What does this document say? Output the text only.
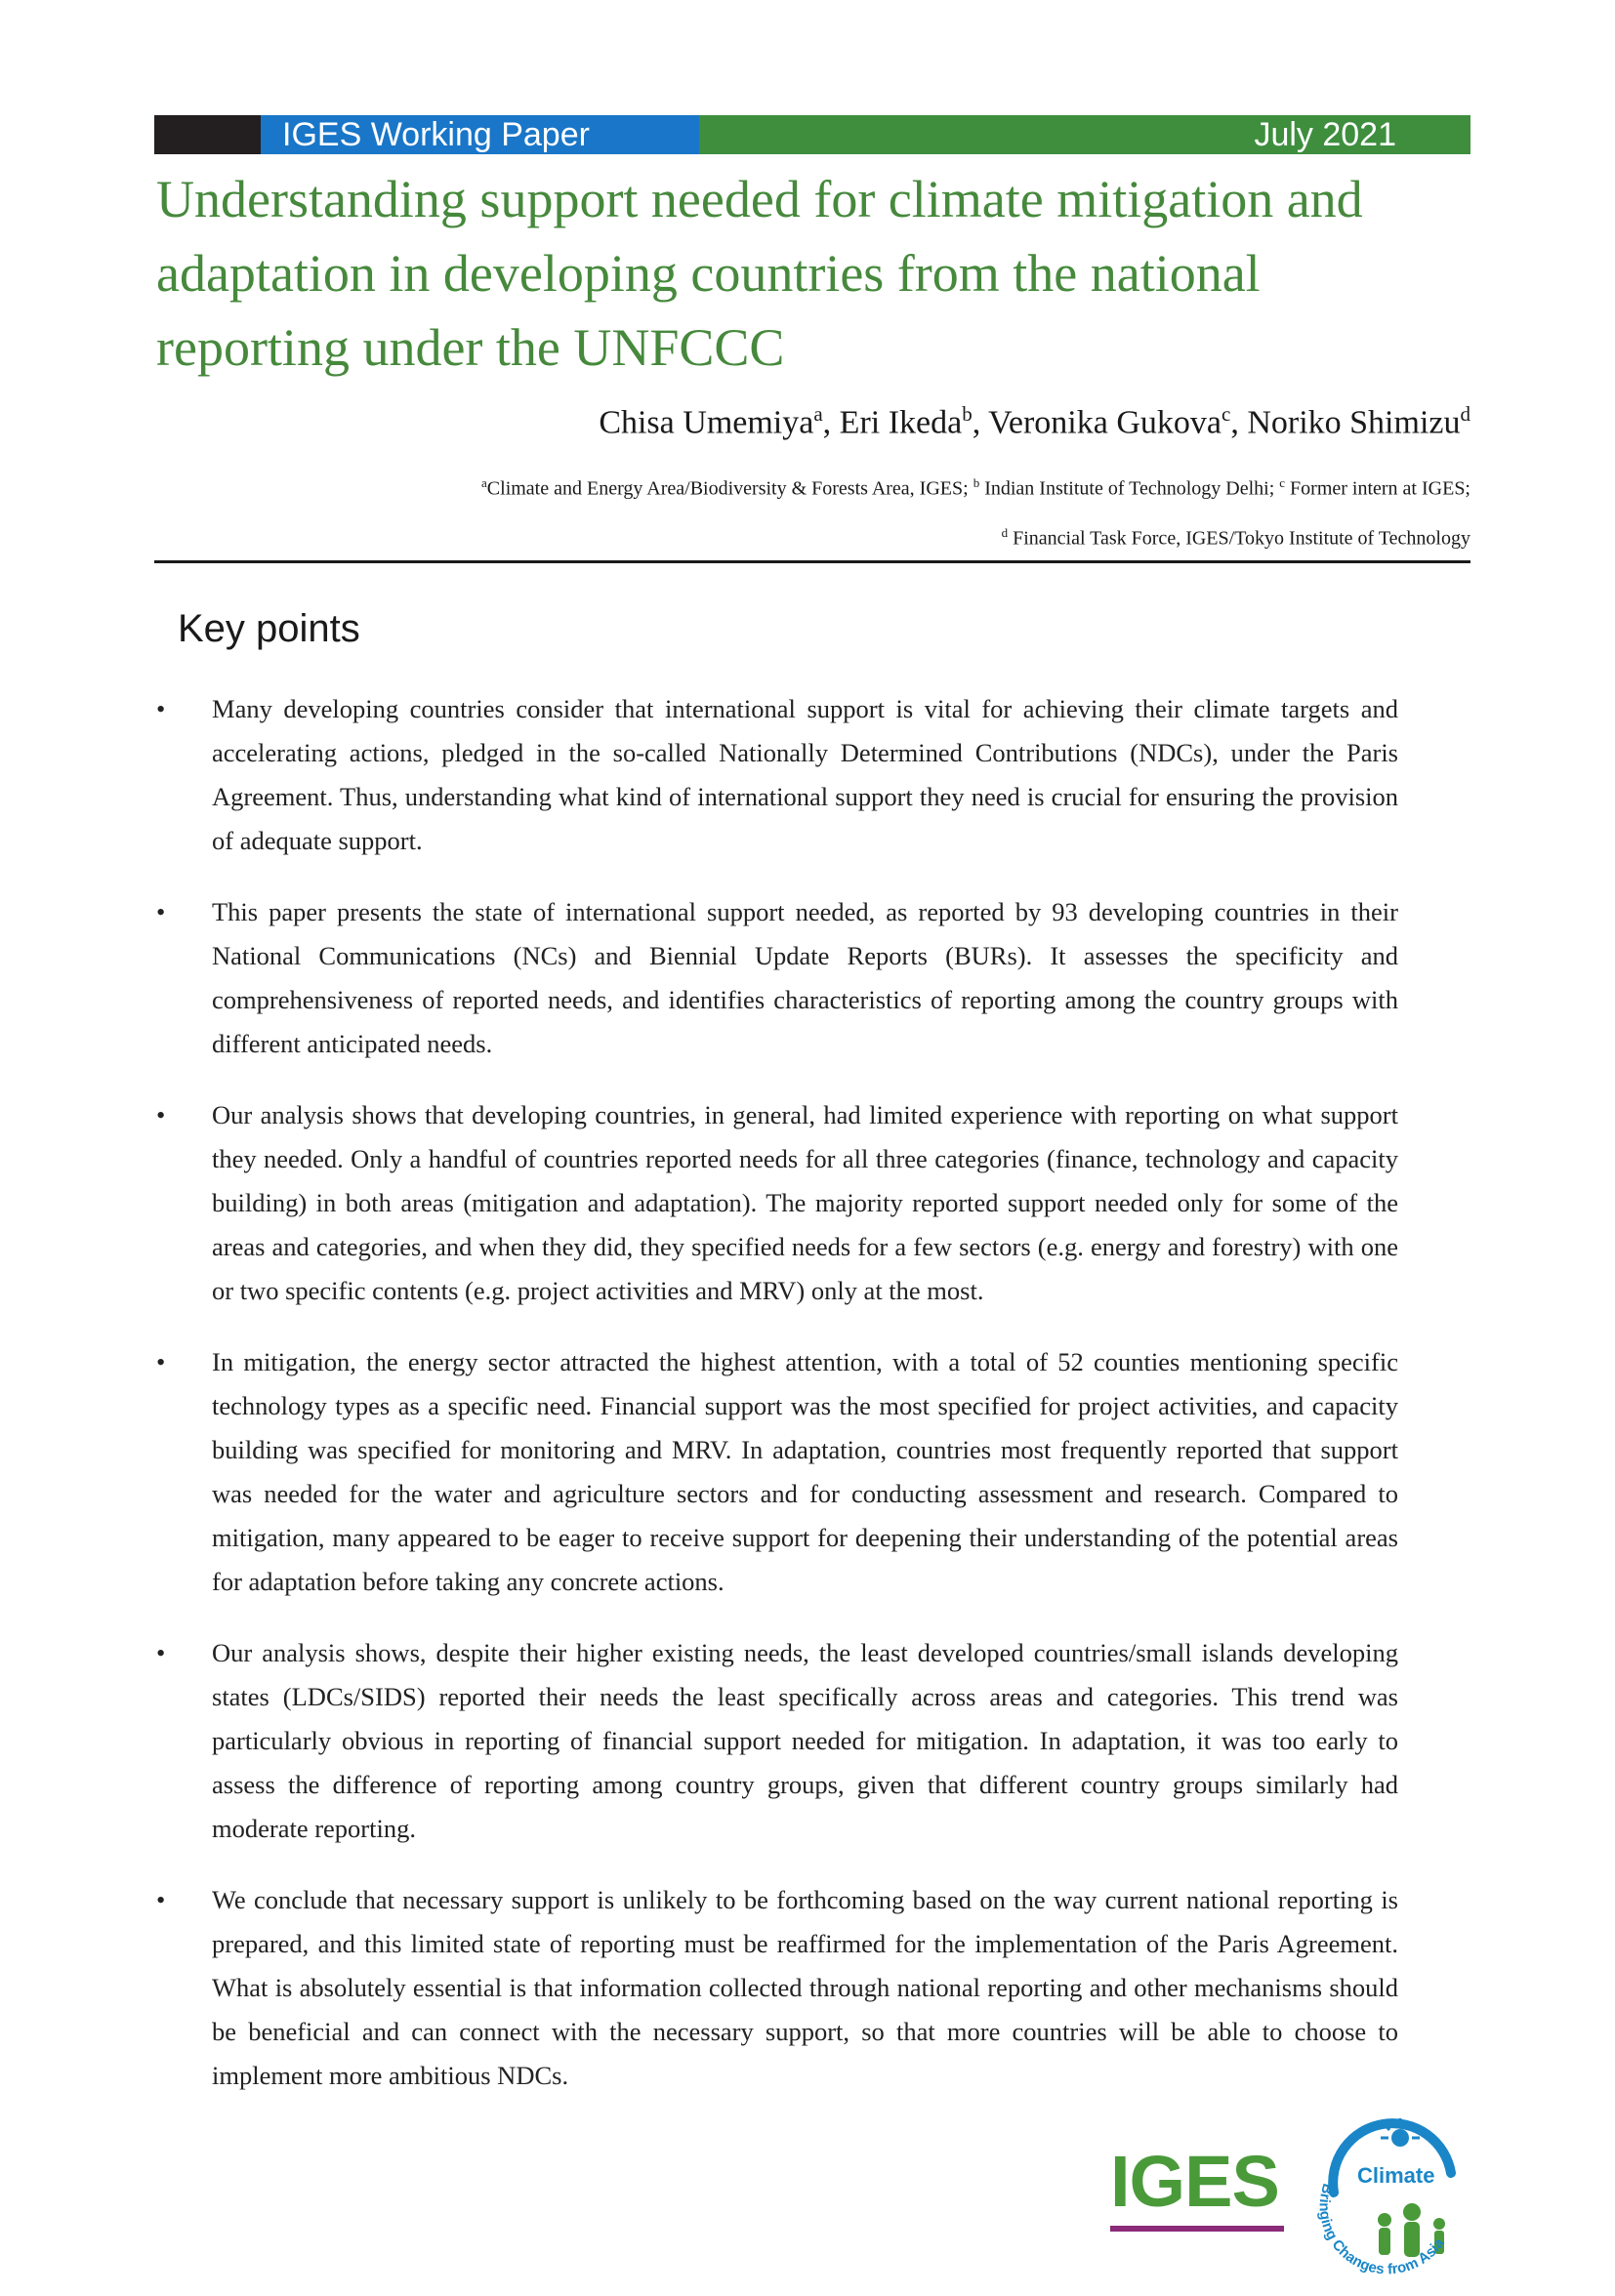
IGES Working Paper	July 2021
Understanding support needed for climate mitigation and adaptation in developing countries from the national reporting under the UNFCCC
Chisa Umemiya$^a$, Eri Ikeda$^b$, Veronika Gukova$^c$, Noriko Shimizu$^d$
$^a$Climate and Energy Area/Biodiversity & Forests Area, IGES; $^b$ Indian Institute of Technology Delhi; $^c$ Former intern at IGES;
$^d$ Financial Task Force, IGES/Tokyo Institute of Technology
Key points
• Many developing countries consider that international support is vital for achieving their climate targets and accelerating actions, pledged in the so-called Nationally Determined Contributions (NDCs), under the Paris Agreement. Thus, understanding what kind of international support they need is crucial for ensuring the provision of adequate support.
• This paper presents the state of international support needed, as reported by 93 developing countries in their National Communications (NCs) and Biennial Update Reports (BURs). It assesses the specificity and comprehensiveness of reported needs, and identifies characteristics of reporting among the country groups with different anticipated needs.
• Our analysis shows that developing countries, in general, had limited experience with reporting on what support they needed. Only a handful of countries reported needs for all three categories (finance, technology and capacity building) in both areas (mitigation and adaptation). The majority reported support needed only for some of the areas and categories, and when they did, they specified needs for a few sectors (e.g. energy and forestry) with one or two specific contents (e.g. project activities and MRV) only at the most.
• In mitigation, the energy sector attracted the highest attention, with a total of 52 counties mentioning specific technology types as a specific need. Financial support was the most specified for project activities, and capacity building was specified for monitoring and MRV. In adaptation, countries most frequently reported that support was needed for the water and agriculture sectors and for conducting assessment and research. Compared to mitigation, many appeared to be eager to receive support for deepening their understanding of the potential areas for adaptation before taking any concrete actions.
• Our analysis shows, despite their higher existing needs, the least developed countries/small islands developing states (LDCs/SIDS) reported their needs the least specifically across areas and categories. This trend was particularly obvious in reporting of financial support needed for mitigation. In adaptation, it was too early to assess the difference of reporting among country groups, given that different country groups similarly had moderate reporting.
• We conclude that necessary support is unlikely to be forthcoming based on the way current national reporting is prepared, and this limited state of reporting must be reaffirmed for the implementation of the Paris Agreement. What is absolutely essential is that information collected through national reporting and other mechanisms should be beneficial and can connect with the necessary support, so that more countries will be able to choose to implement more ambitious NDCs.
IGES	Climate
Bringing Changes from Asia
